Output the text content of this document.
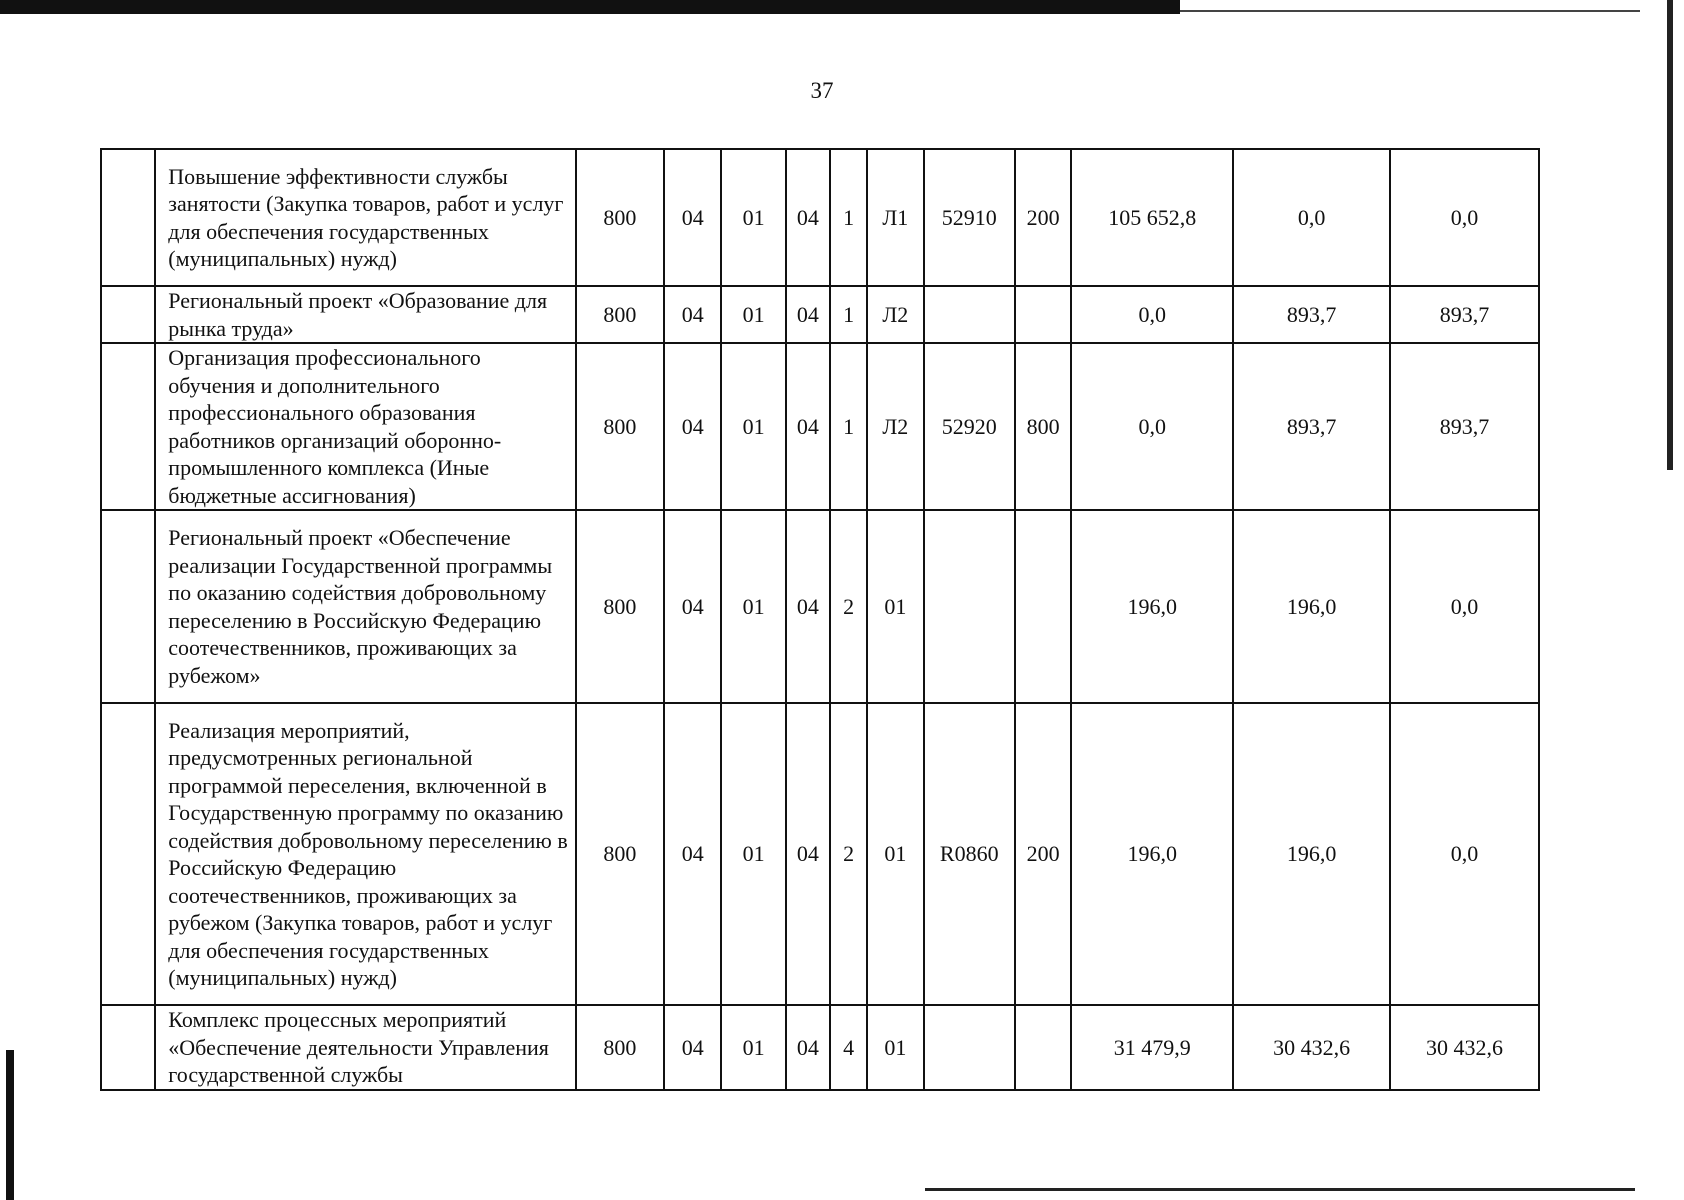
37
	Повышение эффективности службы занятости (Закупка товаров, работ и услуг для обеспечения государственных (муниципальных) нужд)	800	04	01	04	1	Л1	52910	200	105 652,8	0,0	0,0
	Региональный проект «Образование для рынка труда»	800	04	01	04	1	Л2			0,0	893,7	893,7
	Организация профессионального обучения и дополнительного профессионального образования работников организаций оборонно-промышленного комплекса (Иные бюджетные ассигнования)	800	04	01	04	1	Л2	52920	800	0,0	893,7	893,7
	Региональный проект «Обеспечение реализации Государственной программы по оказанию содействия добровольному переселению в Российскую Федерацию соотечественников, проживающих за рубежом»	800	04	01	04	2	01			196,0	196,0	0,0
	Реализация мероприятий, предусмотренных региональной программой переселения, включенной в Государственную программу по оказанию содействия добровольному переселению в Российскую Федерацию соотечественников, проживающих за рубежом (Закупка товаров, работ и услуг для обеспечения государственных (муниципальных) нужд)	800	04	01	04	2	01	R0860	200	196,0	196,0	0,0
	Комплекс процессных мероприятий «Обеспечение деятельности Управления государственной службы	800	04	01	04	4	01			31 479,9	30 432,6	30 432,6
